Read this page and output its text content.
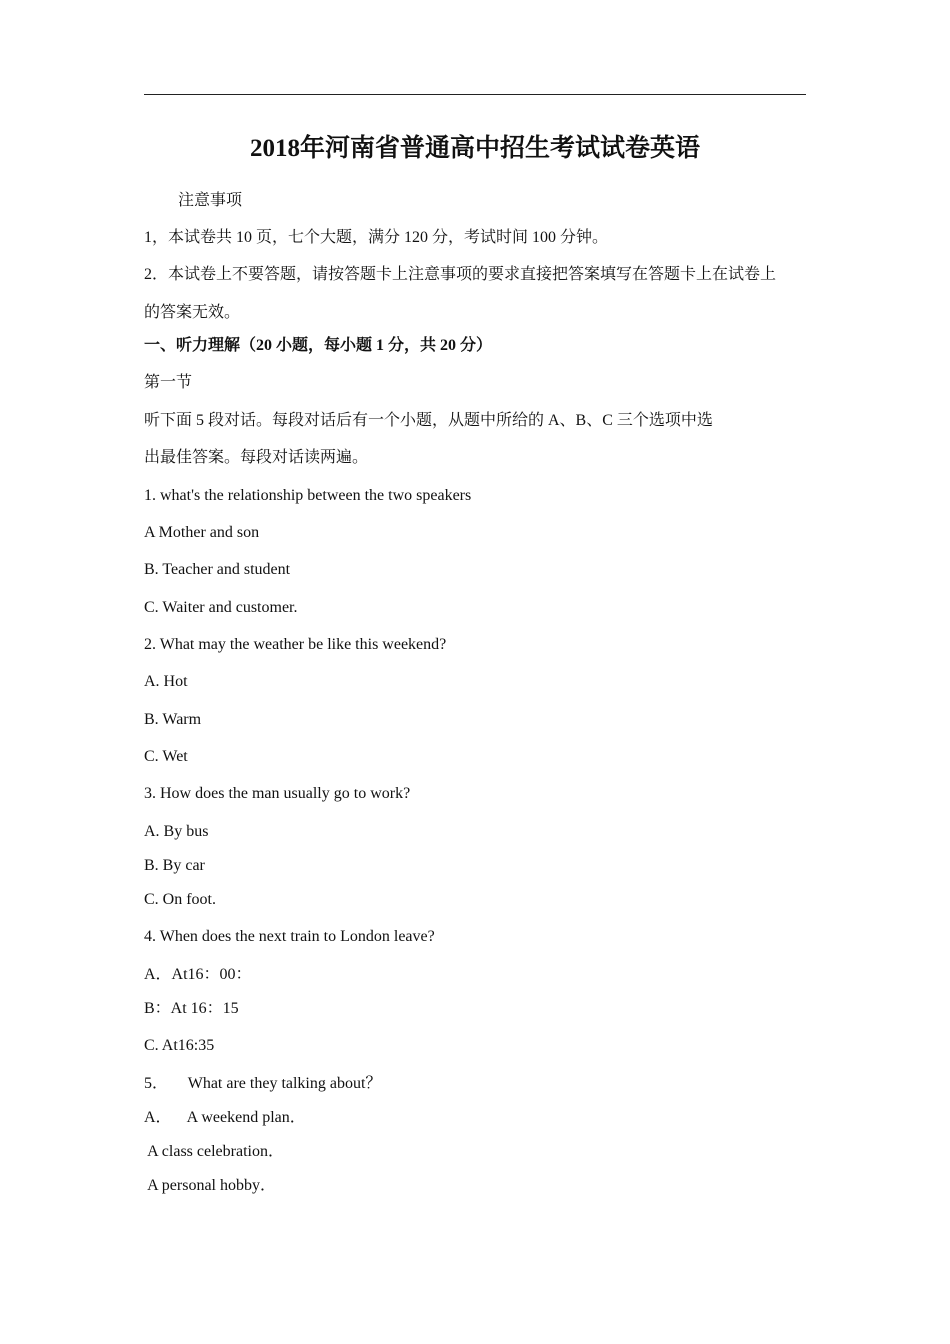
2018年河南省普通高中招生考试试卷英语
注意事项
1，本试卷共 10 页，七个大题，满分 120 分，考试时间 100 分钟。
2．本试卷上不要答题，请按答题卡上注意事项的要求直接把答案填写在答题卡上在试卷上
的答案无效。
一、听力理解（20 小题，每小题 1 分，共 20 分）
第一节
听下面 5 段对话。每段对话后有一个小题，从题中所给的 A、B、C 三个选项中选
出最佳答案。每段对话读两遍。
1. what's the relationship between the two speakers
A Mother and son
B. Teacher and student
C. Waiter and customer.
2. What may the weather be like this weekend?
A. Hot
B. Warm
C. Wet
3. How does the man usually go to work?
A. By bus
B. By car
C. On foot.
4. When does the next train to London leave?
A．At16：00：
B：At 16：15
C. At16:35
5．     What are they talking about？
A．    A weekend plan．
A class celebration．
A personal hobby．
